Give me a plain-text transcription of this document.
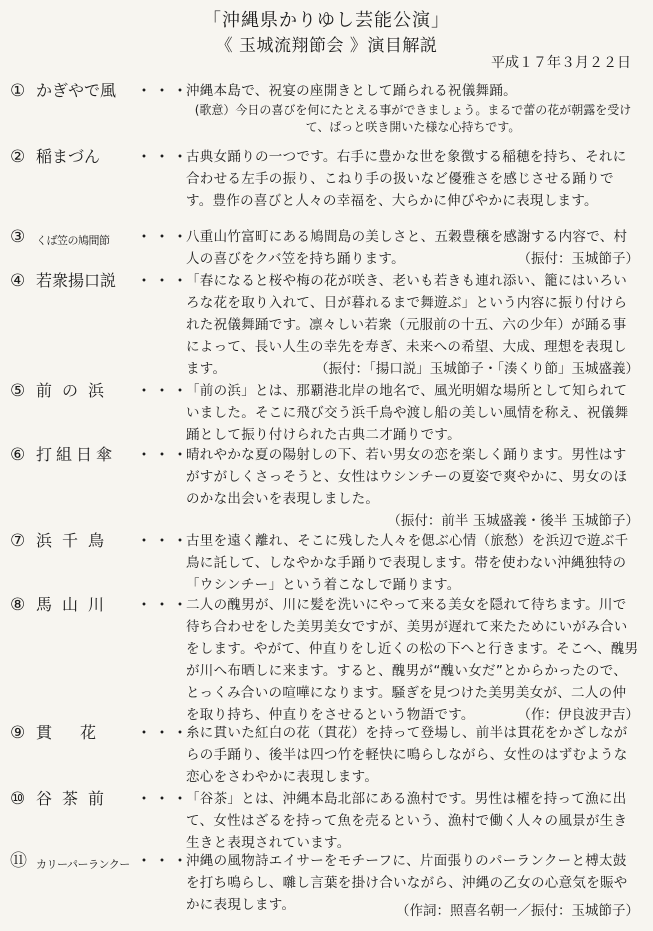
「沖縄県かりゆし芸能公演」
《 玉城流翔節会 》演目解説
平成１７年３月２２日
① かぎやで風 ・・・
沖縄本島で、祝宴の座開きとして踊られる祝儀舞踊。
(歌意）今日の喜びを何にたとえる事ができましょう。まるで蕾の花が朝露を受けて、ぱっと咲き開いた様な心持ちです。
② 稲まづん ・・・
古典女踊りの一つです。右手に豊かな世を象徴する稲穂を持ち、それに合わせる左手の振り、こねり手の扱いなど優雅さを感じさせる踊りです。豊作の喜びと人々の幸福を、大らかに伸びやかに表現します。
③ くば笠の鳩間節 ・・・
八重山竹富町にある鳩間島の美しさと、五穀豊穣を感謝する内容で、村人の喜びをクバ笠を持ち踊ります。	（振付：玉城節子）
④ 若衆揚口説 ・・・
「春になると桜や梅の花が咲き、老いも若きも連れ添い、籠にはいろいろな花を取り入れて、日が暮れるまで舞遊ぶ」という内容に振り付けられた祝儀舞踊です。凛々しい若衆（元服前の十五、六の少年）が踊る事によって、長い人生の幸先を寿ぎ、未来への希望、大成、理想を表現します。	（振付：「揚口説」玉城節子・「湊くり節」玉城盛義）
⑤ 前の浜 ・・・
「前の浜」とは、那覇港北岸の地名で、風光明媚な場所として知られていました。そこに飛び交う浜千鳥や渡し船の美しい風情を称え、祝儀舞踊として振り付けられた古典二才踊りです。
⑥ 打組日傘 ・・・
晴れやかな夏の陽射しの下、若い男女の恋を楽しく踊ります。男性はすがすがしくさっそうと、女性はウシンチーの夏姿で爽やかに、男女のほのかな出会いを表現しました。
（振付：前半 玉城盛義・後半 玉城節子）
⑦ 浜千鳥 ・・・
古里を遠く離れ、そこに残した人々を偲ぶ心情（旅愁）を浜辺で遊ぶ千鳥に託して、しなやかな手踊りで表現します。帯を使わない沖縄独特の「ウシンチー」という着こなしで踊ります。
⑧ 馬山川 ・・・
二人の醜男が、川に髪を洗いにやって来る美女を隠れて待ちます。川で待ち合わせをした美男美女ですが、美男が遅れて来たためにいがみ合いをします。やがて、仲直りをし近くの松の下へと行きます。そこへ、醜男が川へ布晒しに来ます。すると、醜男が“醜い女だ”とからかったので、とっくみ合いの喧嘩になります。騒ぎを見つけた美男美女が、二人の仲を取り持ち、仲直りをさせるという物語です。	（作：伊良波尹吉）
⑨ 貫花 ・・・
糸に貫いた紅白の花（貫花）を持って登場し、前半は貫花をかざしながらの手踊り、後半は四つ竹を軽快に鳴らしながら、女性のはずむような恋心をさわやかに表現します。
⑩ 谷茶前 ・・・
「谷茶」とは、沖縄本島北部にある漁村です。男性は櫂を持って漁に出て、女性はざるを持って魚を売るという、漁村で働く人々の風景が生き生きと表現されています。
⑪ カリーパーランクー ・・・
沖縄の風物詩エイサーをモチーフに、片面張りのパーランクーと榑太鼓を打ち鳴らし、囃し言葉を掛け合いながら、沖縄の乙女の心意気を賑やかに表現します。	（作詞：照喜名朝一／振付：玉城節子）
